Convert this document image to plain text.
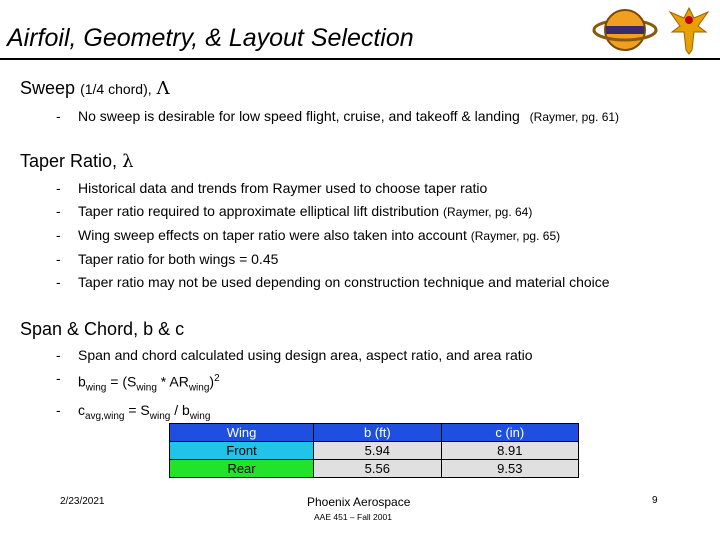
Airfoil, Geometry, & Layout Selection
Sweep (1/4 chord), Λ
- No sweep is desirable for low speed flight, cruise, and takeoff & landing (Raymer, pg. 61)
Taper Ratio, λ
- Historical data and trends from Raymer used to choose taper ratio
- Taper ratio required to approximate elliptical lift distribution (Raymer, pg. 64)
- Wing sweep effects on taper ratio were also taken into account (Raymer, pg. 65)
- Taper ratio for both wings = 0.45
- Taper ratio may not be used depending on construction technique and material choice
Span & Chord, b & c
- Span and chord calculated using design area, aspect ratio, and area ratio
- $b_{wing} = (S_{wing} * AR_{wing})^2$
- $c_{avg,wing} = S_{wing} / b_{wing}$
Wing	b (ft)	c (in)
Front	5.94	8.91
Rear	5.56	9.53
2/23/2021	Phoenix Aerospace
AAE 451 – Fall 2001
9
